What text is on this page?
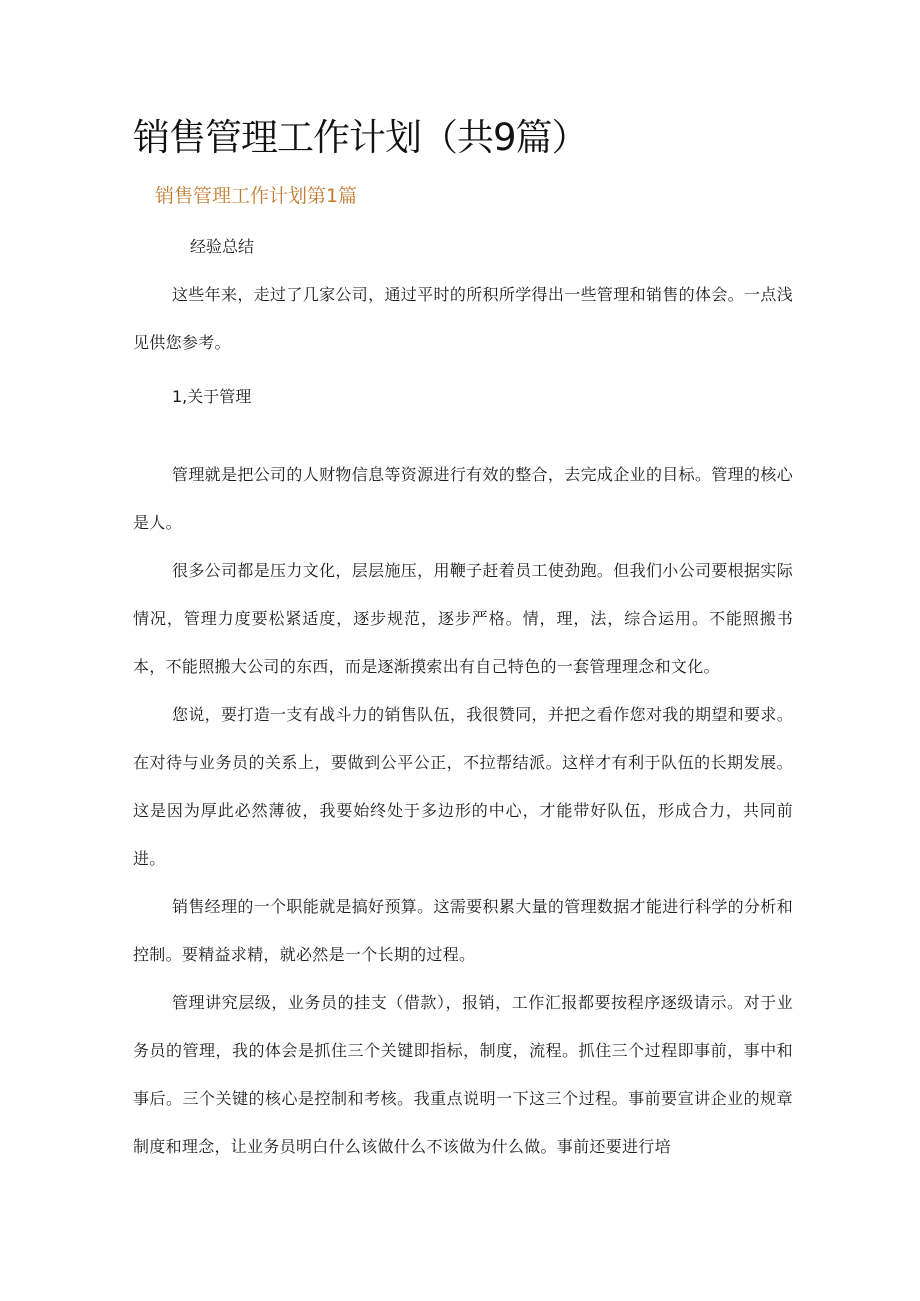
销售管理工作计划（共9篇）
销售管理工作计划第1篇

经验总结

这些年来，走过了几家公司，通过平时的所积所学得出一些管理和销售的体会。一点浅见供您参考。

1,关于管理

管理就是把公司的人财物信息等资源进行有效的整合，去完成企业的目标。管理的核心是人。

很多公司都是压力文化，层层施压，用鞭子赶着员工使劲跑。但我们小公司要根据实际情况，管理力度要松紧适度，逐步规范，逐步严格。情，理，法，综合运用。不能照搬书本，不能照搬大公司的东西，而是逐渐摸索出有自己特色的一套管理理念和文化。

您说，要打造一支有战斗力的销售队伍，我很赞同，并把之看作您对我的期望和要求。在对待与业务员的关系上，要做到公平公正，不拉帮结派。这样才有利于队伍的长期发展。这是因为厚此必然薄彼，我要始终处于多边形的中心，才能带好队伍，形成合力，共同前进。

销售经理的一个职能就是搞好预算。这需要积累大量的管理数据才能进行科学的分析和控制。要精益求精，就必然是一个长期的过程。

管理讲究层级，业务员的挂支（借款），报销，工作汇报都要按程序逐级请示。对于业务员的管理，我的体会是抓住三个关键即指标，制度，流程。抓住三个过程即事前，事中和事后。三个关键的核心是控制和考核。我重点说明一下这三个过程。事前要宣讲企业的规章制度和理念，让业务员明白什么该做什么不该做为什么做。事前还要进行培
